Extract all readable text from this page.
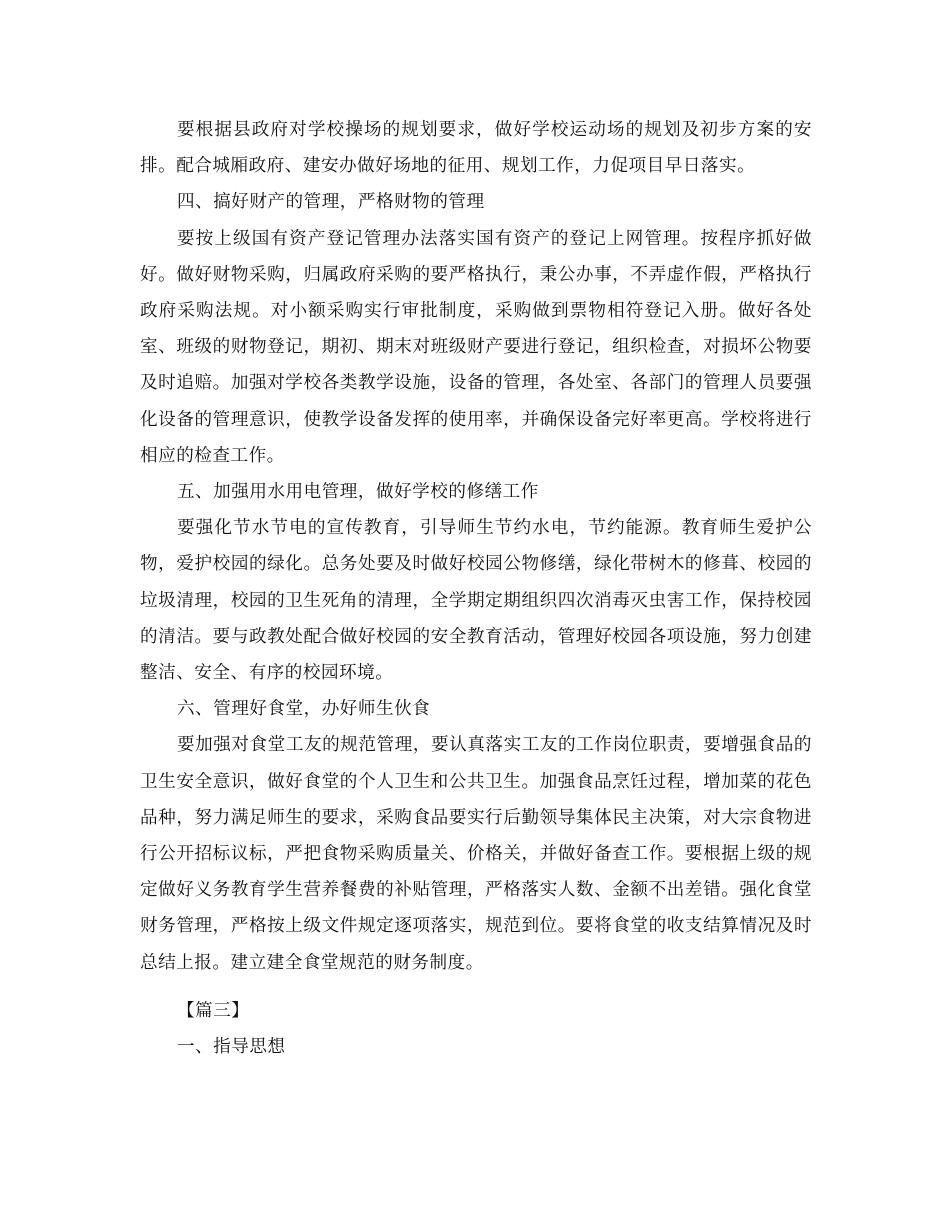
要根据县政府对学校操场的规划要求，做好学校运动场的规划及初步方案的安排。配合城厢政府、建安办做好场地的征用、规划工作，力促项目早日落实。

四、搞好财产的管理，严格财物的管理

要按上级国有资产登记管理办法落实国有资产的登记上网管理。按程序抓好做好。做好财物采购，归属政府采购的要严格执行，秉公办事，不弄虚作假，严格执行政府采购法规。对小额采购实行审批制度，采购做到票物相符登记入册。做好各处室、班级的财物登记，期初、期末对班级财产要进行登记，组织检查，对损坏公物要及时追赔。加强对学校各类教学设施，设备的管理，各处室、各部门的管理人员要强化设备的管理意识，使教学设备发挥的使用率，并确保设备完好率更高。学校将进行相应的检查工作。

五、加强用水用电管理，做好学校的修缮工作

要强化节水节电的宣传教育，引导师生节约水电，节约能源。教育师生爱护公物，爱护校园的绿化。总务处要及时做好校园公物修缮，绿化带树木的修葺、校园的垃圾清理，校园的卫生死角的清理，全学期定期组织四次消毒灭虫害工作，保持校园的清洁。要与政教处配合做好校园的安全教育活动，管理好校园各项设施，努力创建整洁、安全、有序的校园环境。

六、管理好食堂，办好师生伙食

要加强对食堂工友的规范管理，要认真落实工友的工作岗位职责，要增强食品的卫生安全意识，做好食堂的个人卫生和公共卫生。加强食品烹饪过程，增加菜的花色品种，努力满足师生的要求，采购食品要实行后勤领导集体民主决策，对大宗食物进行公开招标议标，严把食物采购质量关、价格关，并做好备查工作。要根据上级的规定做好义务教育学生营养餐费的补贴管理，严格落实人数、金额不出差错。强化食堂财务管理，严格按上级文件规定逐项落实，规范到位。要将食堂的收支结算情况及时总结上报。建立建全食堂规范的财务制度。

【篇三】

一、指导思想
